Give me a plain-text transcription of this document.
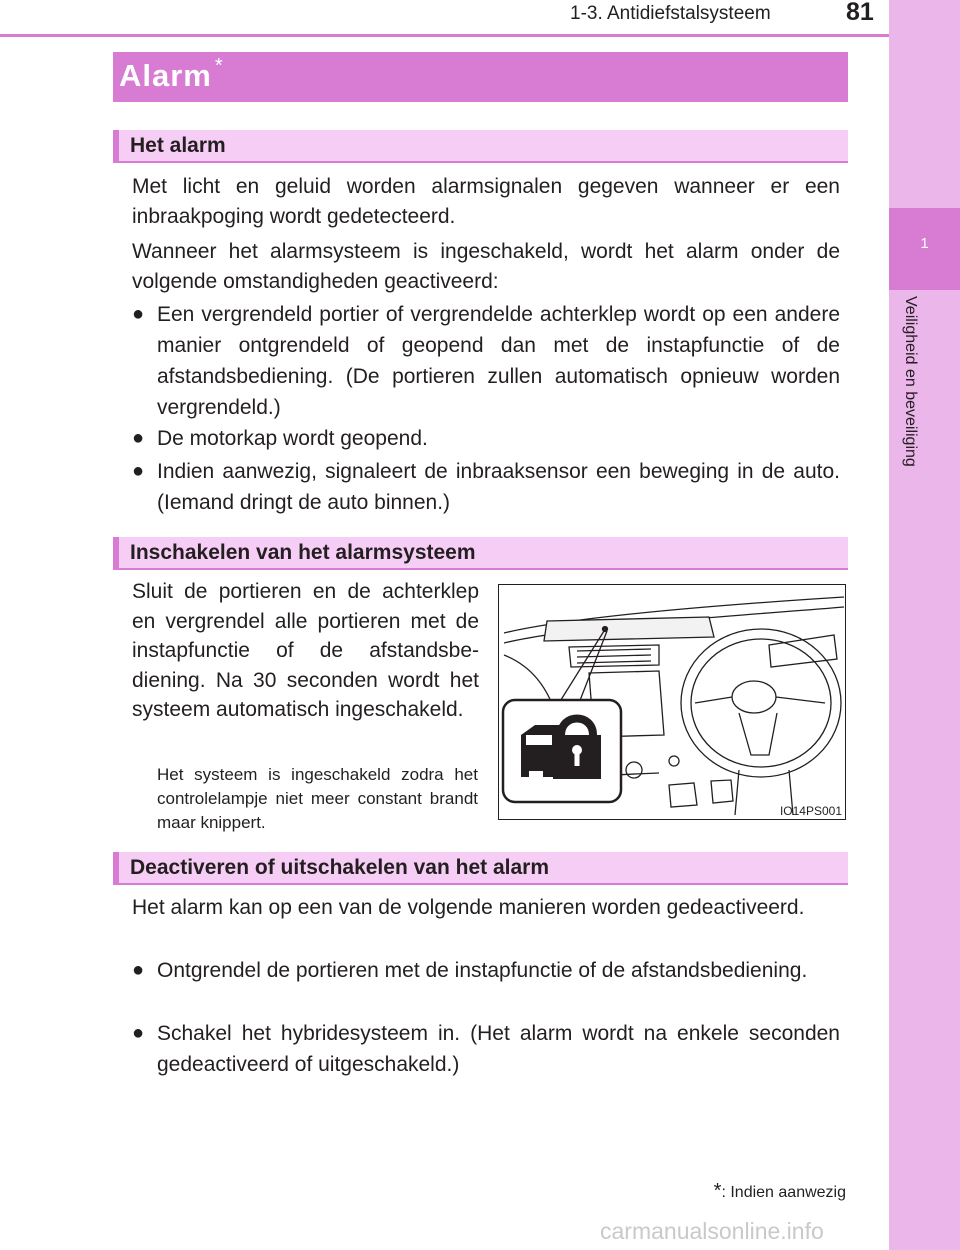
1-3. Antidiefstalsysteem	81
1
Veiligheid en beveiliging
Alarm *
Het alarm
Met licht en geluid worden alarmsignalen gegeven wanneer er een inbraakpoging wordt gedetecteerd.
Wanneer het alarmsysteem is ingeschakeld, wordt het alarm onder de volgende omstandigheden geactiveerd:
● Een vergrendeld portier of vergrendelde achterklep wordt op een andere manier ontgrendeld of geopend dan met de instapfunctie of de afstandsbediening. (De portieren zullen automatisch opnieuw worden vergrendeld.)
● De motorkap wordt geopend.
● Indien aanwezig, signaleert de inbraaksensor een beweging in de auto. (Iemand dringt de auto binnen.)
Inschakelen van het alarmsysteem
Sluit de portieren en de achterklep en vergrendel alle portieren met de instapfunctie of de afstandsbediening. Na 30 seconden wordt het systeem automatisch ingeschakeld.
Het systeem is ingeschakeld zodra het controlelampje niet meer constant brandt maar knippert.
IO14PS001
Deactiveren of uitschakelen van het alarm
Het alarm kan op een van de volgende manieren worden gedeactiveerd.
● Ontgrendel de portieren met de instapfunctie of de afstandsbediening.
● Schakel het hybridesysteem in. (Het alarm wordt na enkele seconden gedeactiveerd of uitgeschakeld.)
*: Indien aanwezig
carmanualsonline.info
